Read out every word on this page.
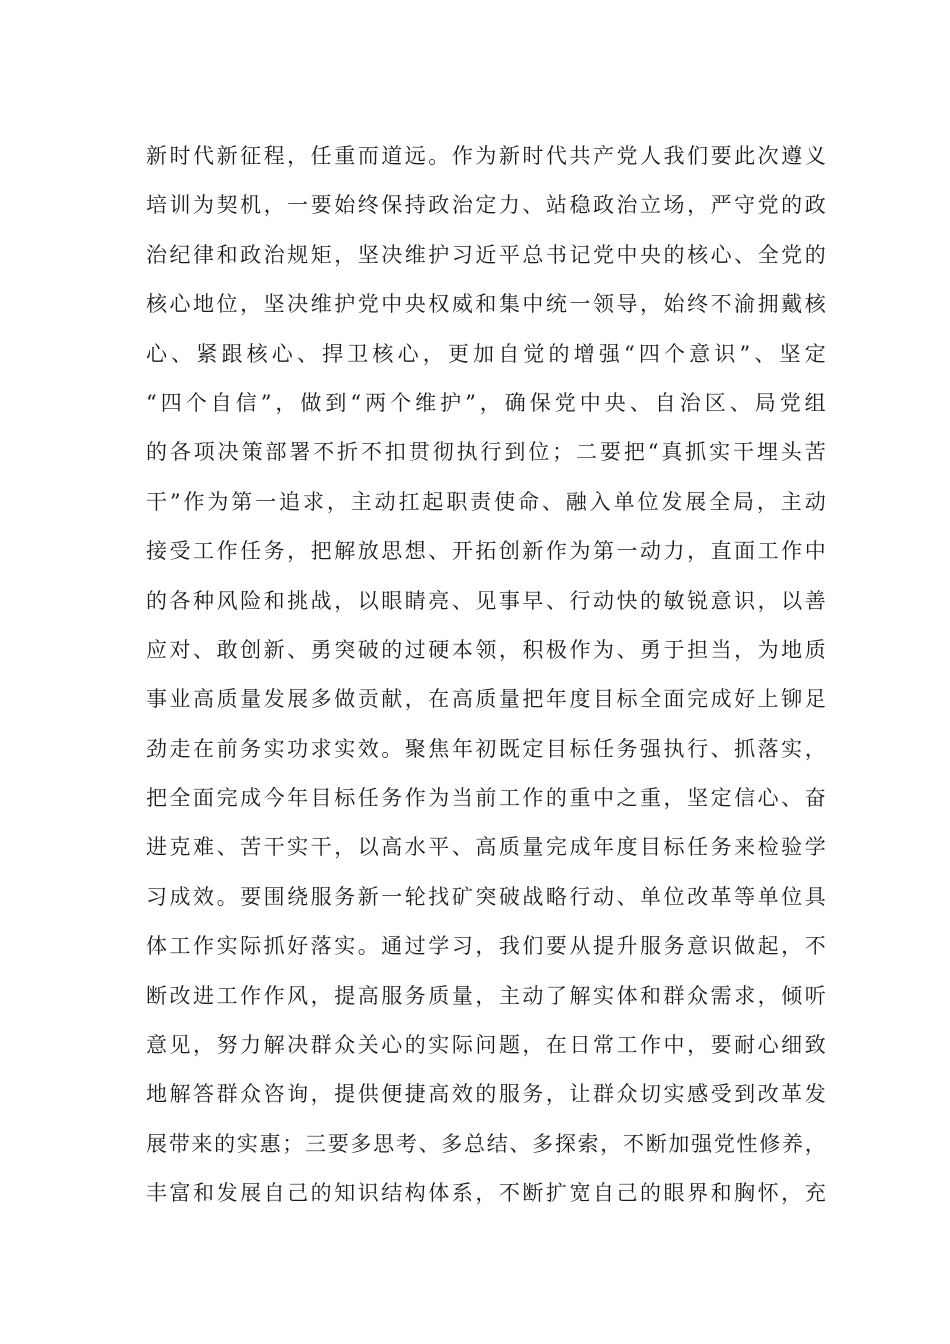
新时代新征程，任重而道远。作为新时代共产党人我们要此次遵义
培训为契机，一要始终保持政治定力、站稳政治立场，严守党的政
治纪律和政治规矩，坚决维护习近平总书记党中央的核心、全党的
核心地位，坚决维护党中央权威和集中统一领导，始终不渝拥戴核
心、紧跟核心、捍卫核心，更加自觉的增强“四个意识”、坚定
“四个自信”，做到“两个维护”，确保党中央、自治区、局党组
的各项决策部署不折不扣贯彻执行到位；二要把“真抓实干埋头苦
干”作为第一追求，主动扛起职责使命、融入单位发展全局，主动
接受工作任务，把解放思想、开拓创新作为第一动力，直面工作中
的各种风险和挑战，以眼睛亮、见事早、行动快的敏锐意识，以善
应对、敢创新、勇突破的过硬本领，积极作为、勇于担当，为地质
事业高质量发展多做贡献，在高质量把年度目标全面完成好上铆足
劲走在前务实功求实效。聚焦年初既定目标任务强执行、抓落实，
把全面完成今年目标任务作为当前工作的重中之重，坚定信心、奋
进克难、苦干实干，以高水平、高质量完成年度目标任务来检验学
习成效。要围绕服务新一轮找矿突破战略行动、单位改革等单位具
体工作实际抓好落实。通过学习，我们要从提升服务意识做起，不
断改进工作作风，提高服务质量，主动了解实体和群众需求，倾听
意见，努力解决群众关心的实际问题，在日常工作中，要耐心细致
地解答群众咨询，提供便捷高效的服务，让群众切实感受到改革发
展带来的实惠；三要多思考、多总结、多探索，不断加强党性修养，
丰富和发展自己的知识结构体系，不断扩宽自己的眼界和胸怀，充
